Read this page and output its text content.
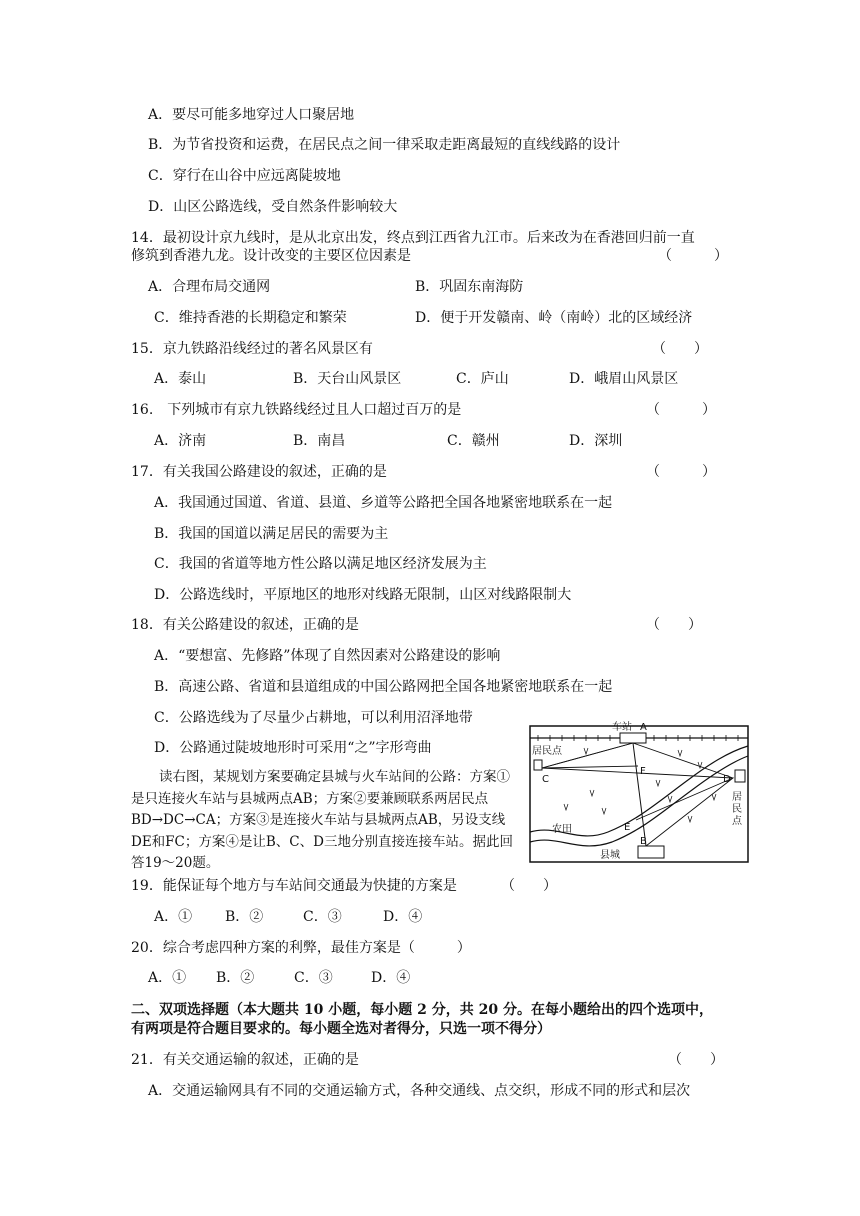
A．要尽可能多地穿过人口聚居地
B．为节省投资和运费，在居民点之间一律采取走距离最短的直线线路的设计
C．穿行在山谷中应远离陡坡地
D．山区公路选线，受自然条件影响较大
14．最初设计京九线时，是从北京出发，终点到江西省九江市。后来改为在香港回归前一直
修筑到香港九龙。设计改变的主要区位因素是	（　　　）
A．合理布局交通网	B．巩固东南海防
C．维持香港的长期稳定和繁荣	D．便于开发赣南、岭（南岭）北的区域经济
15．京九铁路沿线经过的著名风景区有	（　　）
A．泰山	B．天台山风景区	C．庐山	D．峨眉山风景区
16.　下列城市有京九铁路线经过且人口超过百万的是	（　　　）
A．济南	B．南昌	C．赣州	D．深圳
17．有关我国公路建设的叙述，正确的是	（　　　）
A．我国通过国道、省道、县道、乡道等公路把全国各地紧密地联系在一起
B．我国的国道以满足居民的需要为主
C．我国的省道等地方性公路以满足地区经济发展为主
D．公路选线时，平原地区的地形对线路无限制，山区对线路限制大
18．有关公路建设的叙述，正确的是	（　　）
A．“要想富、先修路”体现了自然因素对公路建设的影响
B．高速公路、省道和县道组成的中国公路网把全国各地紧密地联系在一起
C．公路选线为了尽量少占耕地，可以利用沼泽地带
D．公路通过陡坡地形时可采用“之”字形弯曲
读右图，某规划方案要确定县城与火车站间的公路：方案①是只连接火车站与县城两点AB；方案②要兼顾联系两居民点BD→DC→CA；方案③是连接火车站与县城两点AB，另设支线DE和FC；方案④是让B、C、D三地分别直接连接车站。据此回答19～20题。
车站 A
居民点
C	D
居
民
点
县城
B
农田
F
E
19．能保证每个地方与车站间交通最为快捷的方案是	（　　）
A．① B．②	C．③	D．④
20．综合考虑四种方案的利弊，最佳方案是（　　　）
A．① B．②	C．③	D．④
二、双项选择题（本大题共 10 小题，每小题 2 分，共 20 分。在每小题给出的四个选项中，
有两项是符合题目要求的。每小题全选对者得分，只选一项不得分）
21．有关交通运输的叙述，正确的是	（　　）
A．交通运输网具有不同的交通运输方式，各种交通线、点交织，形成不同的形式和层次
